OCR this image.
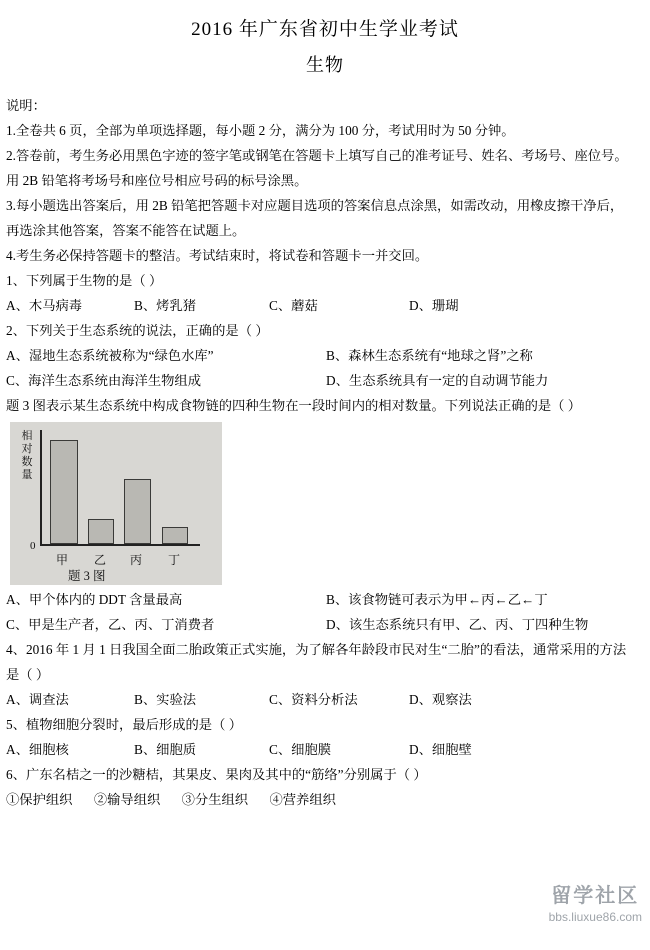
2016 年广东省初中生学业考试
生物
说明：
1.全卷共 6 页，全部为单项选择题，每小题 2 分，满分为 100 分，考试用时为 50 分钟。
2.答卷前，考生务必用黑色字迹的签字笔或钢笔在答题卡上填写自己的准考证号、姓名、考场号、座位号。
用 2B 铅笔将考场号和座位号相应号码的标号涂黑。
3.每小题选出答案后，用 2B 铅笔把答题卡对应题目选项的答案信息点涂黑，如需改动，用橡皮擦干净后，
再选涂其他答案，答案不能答在试题上。
4.考生务必保持答题卡的整洁。考试结束时，将试卷和答题卡一并交回。
1、下列属于生物的是（ ）
A、木马病毒	B、烤乳猪	C、蘑菇	D、珊瑚
2、下列关于生态系统的说法，正确的是（ ）
A、湿地生态系统被称为“绿色水库”	B、森林生态系统有“地球之肾”之称
C、海洋生态系统由海洋生物组成	D、生态系统具有一定的自动调节能力
题 3 图表示某生态系统中构成食物链的四种生物在一段时间内的相对数量。下列说法正确的是（ ）
相对数量
0
甲 乙 丙 丁
题 3 图
A、甲个体内的 DDT 含量最高	B、该食物链可表示为甲←丙←乙←丁
C、甲是生产者，乙、丙、丁消费者	D、该生态系统只有甲、乙、丙、丁四种生物
4、2016 年 1 月 1 日我国全面二胎政策正式实施，为了解各年龄段市民对生“二胎”的看法，通常采用的方法
是（ ）
A、调查法	B、实验法	C、资料分析法	D、观察法
5、植物细胞分裂时，最后形成的是（ ）
A、细胞核	B、细胞质	C、细胞膜	D、细胞壁
6、广东名桔之一的沙糖桔，其果皮、果肉及其中的“筋络”分别属于（ ）
①保护组织 ②输导组织 ③分生组织 ④营养组织
留学社区
bbs.liuxue86.com
